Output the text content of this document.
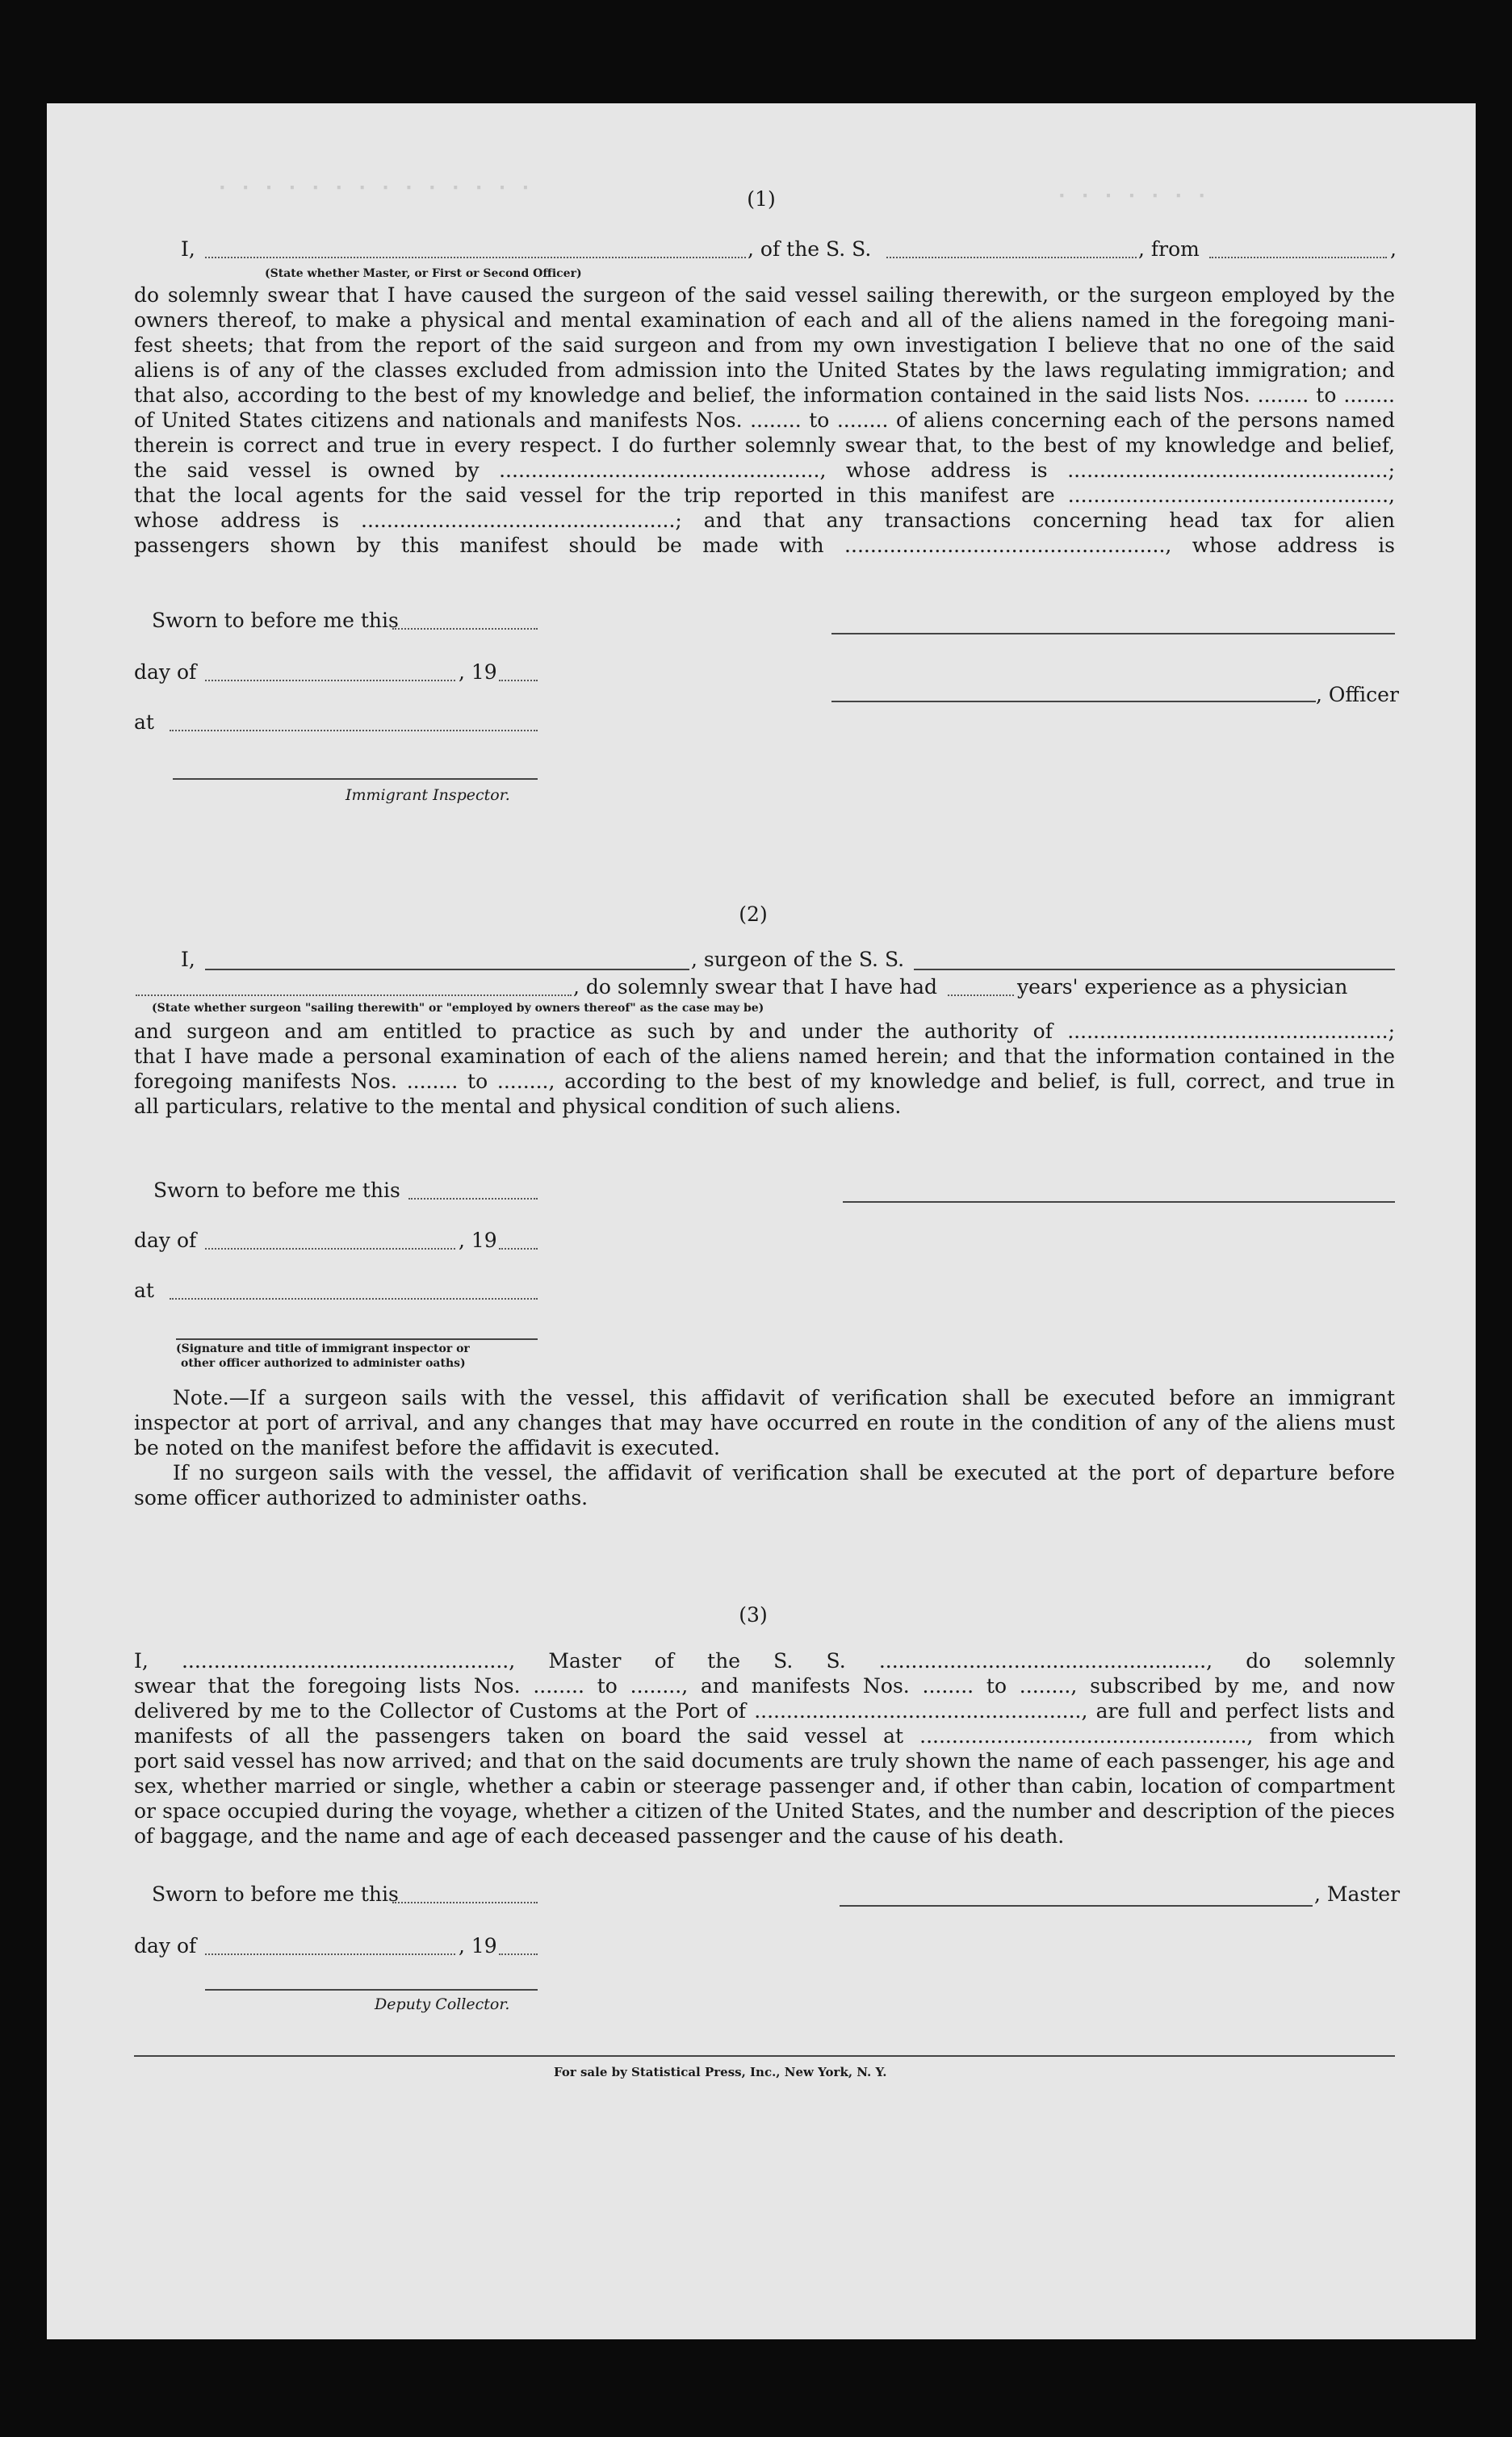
· · · · · · · · · · · · · ·	· · · · · · ·
(1)
I,	, of the S. S.	, from	,
(State whether Master, or First or Second Officer)
do solemnly swear that I have caused the surgeon of the said vessel sailing therewith, or the surgeon employed by the
owners thereof, to make a physical and mental examination of each and all of the aliens named in the foregoing mani-
fest sheets; that from the report of the said surgeon and from my own investigation I believe that no one of the said
aliens is of any of the classes excluded from admission into the United States by the laws regulating immigration; and
that also, according to the best of my knowledge and belief, the information contained in the said lists Nos. ........ to ........
of United States citizens and nationals and manifests Nos. ........ to ........ of aliens concerning each of the persons named
therein is correct and true in every respect. I do further solemnly swear that, to the best of my knowledge and belief,
the said vessel is owned by .................................................., whose address is ..................................................;
that the local agents for the said vessel for the trip reported in this manifest are ..................................................,
whose address is .................................................; and that any transactions concerning head tax for alien
passengers shown by this manifest should be made with .................................................., whose address is
Sworn to before me this
day of	, 19
, Officer
at
Immigrant Inspector.
(2)
I,	, surgeon of the S. S.
, do solemnly swear that I have had	years' experience as a physician
(State whether surgeon "sailing therewith" or "employed by owners thereof" as the case may be)
and surgeon and am entitled to practice as such by and under the authority of ..................................................;
that I have made a personal examination of each of the aliens named herein; and that the information contained in the
foregoing manifests Nos. ........ to ........, according to the best of my knowledge and belief, is full, correct, and true in
all particulars, relative to the mental and physical condition of such aliens.
Sworn to before me this
day of	, 19
at
(Signature and title of immigrant inspector or
other officer authorized to administer oaths)
Note.—If a surgeon sails with the vessel, this affidavit of verification shall be executed before an immigrant
inspector at port of arrival, and any changes that may have occurred en route in the condition of any of the aliens must
be noted on the manifest before the affidavit is executed.
If no surgeon sails with the vessel, the affidavit of verification shall be executed at the port of departure before
some officer authorized to administer oaths.
(3)
I, ..................................................., Master of the S. S. ..................................................., do solemnly
swear that the foregoing lists Nos. ........ to ........, and manifests Nos. ........ to ........, subscribed by me, and now
delivered by me to the Collector of Customs at the Port of ..................................................., are full and perfect lists and
manifests of all the passengers taken on board the said vessel at ..................................................., from which
port said vessel has now arrived; and that on the said documents are truly shown the name of each passenger, his age and
sex, whether married or single, whether a cabin or steerage passenger and, if other than cabin, location of compartment
or space occupied during the voyage, whether a citizen of the United States, and the number and description of the pieces
of baggage, and the name and age of each deceased passenger and the cause of his death.
Sworn to before me this	, Master
day of	, 19
Deputy Collector.
For sale by Statistical Press, Inc., New York, N. Y.
